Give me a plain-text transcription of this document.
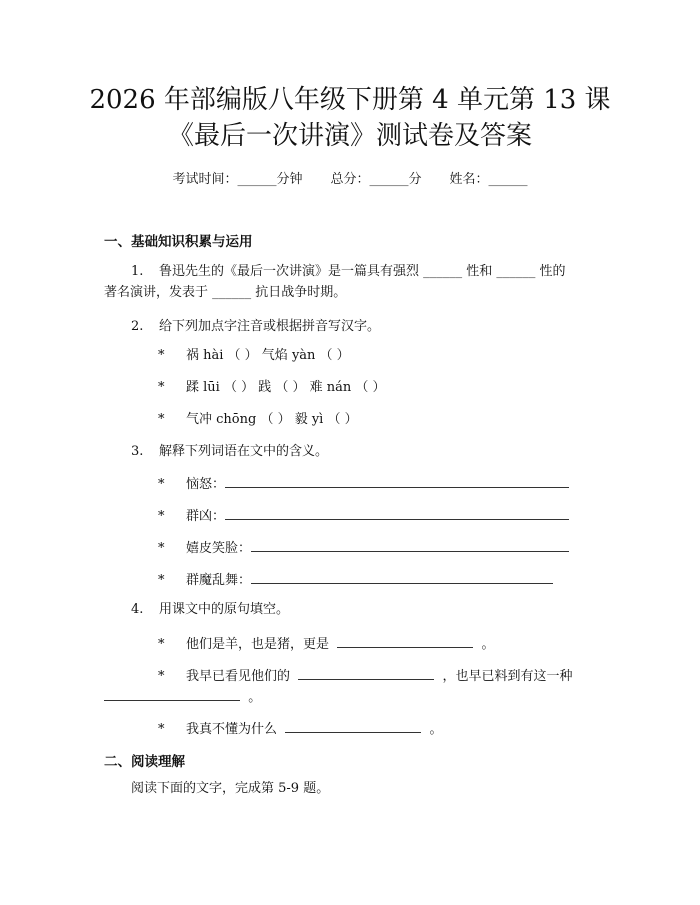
2026 年部编版八年级下册第 4 单元第 13 课
《最后一次讲演》测试卷及答案
考试时间：______分钟 总分：______分 姓名：______
一、基础知识积累与运用
1. 鲁迅先生的《最后一次讲演》是一篇具有强烈 ______ 性和 ______ 性的
著名演讲，发表于 ______ 抗日战争时期。
2. 给下列加点字注音或根据拼音写汉字。
* 祸 hài （ ） 气焰 yàn （ ）
* 蹂 lūi （ ） 践 （ ） 难 nán （ ）
* 气冲 chōng （ ） 毅 yì （ ）
3. 解释下列词语在文中的含义。
* 恼怒：
* 群凶：
* 嬉皮笑脸：
* 群魔乱舞：
4. 用课文中的原句填空。
* 他们是羊，也是猪，更是	。
* 我早已看见他们的	，也早已料到有这一种
。
* 我真不懂为什么	。
二、阅读理解
阅读下面的文字，完成第 5-9 题。
